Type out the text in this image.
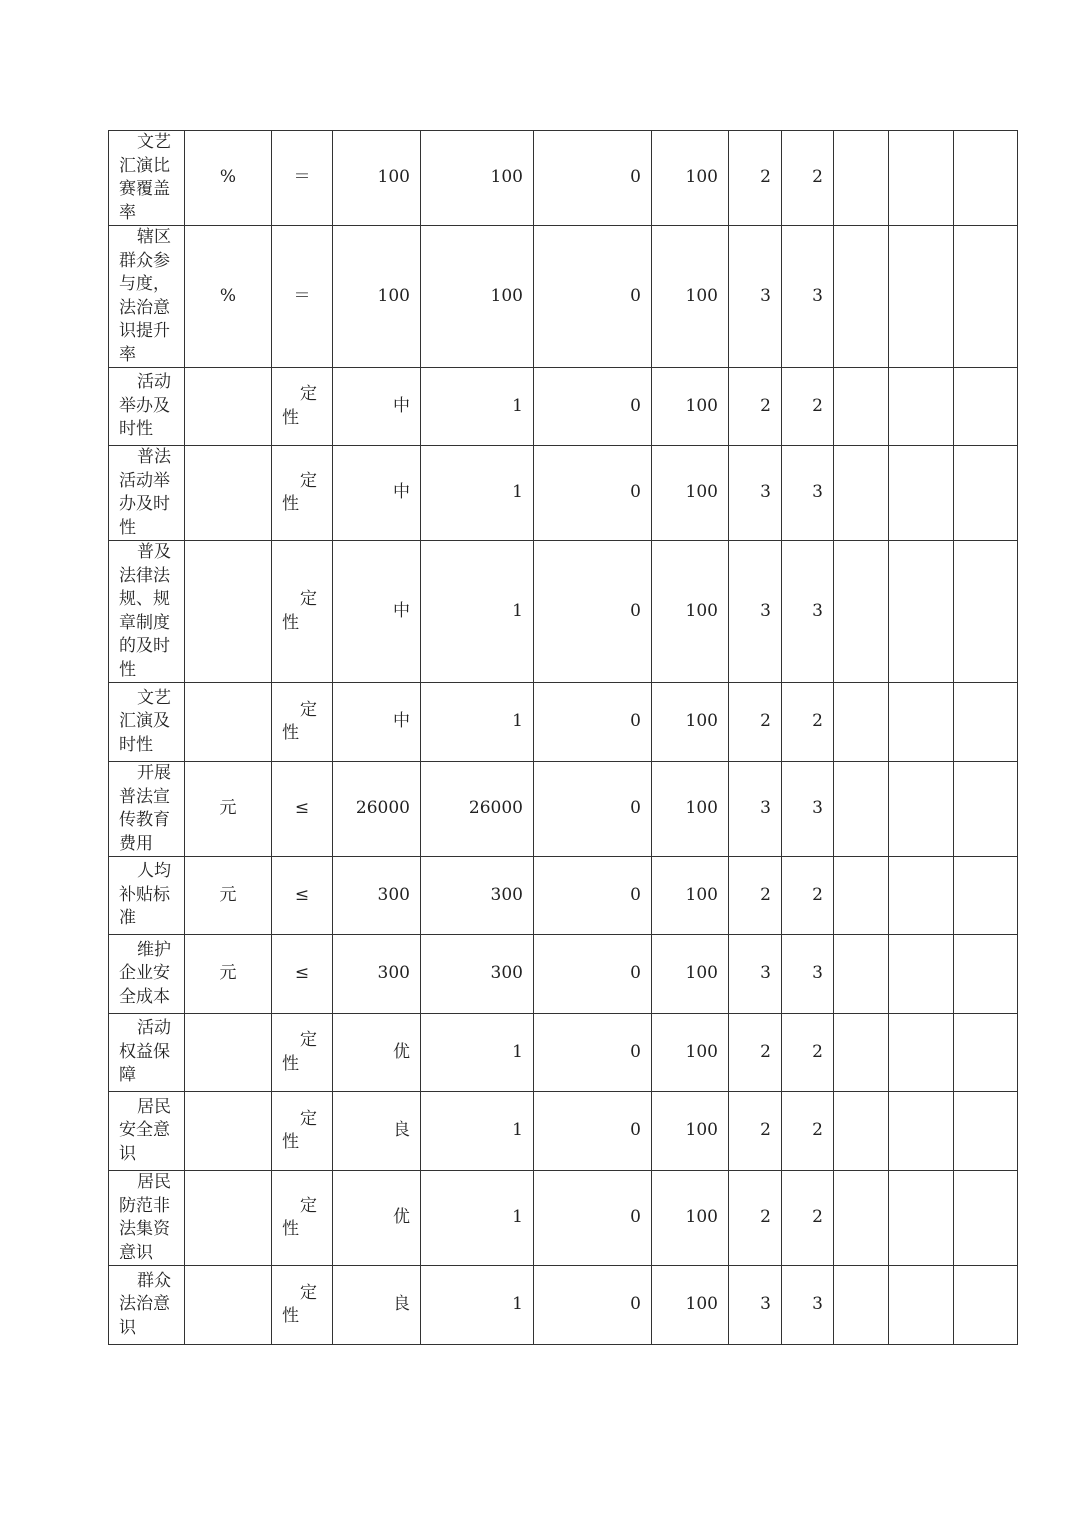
文艺汇演比赛覆盖率	%	＝	100	100	0	100	2	2			
辖区群众参与度，法治意识提升率	%	＝	100	100	0	100	3	3			
活动举办及时性		定性	中	1	0	100	2	2			
普法活动举办及时性		定性	中	1	0	100	3	3			
普及法律法规、规章制度的及时性		定性	中	1	0	100	3	3			
文艺汇演及时性		定性	中	1	0	100	2	2			
开展普法宣传教育费用	元	≤	26000	26000	0	100	3	3			
人均补贴标准	元	≤	300	300	0	100	2	2			
维护企业安全成本	元	≤	300	300	0	100	3	3			
活动权益保障		定性	优	1	0	100	2	2			
居民安全意识		定性	良	1	0	100	2	2			
居民防范非法集资意识		定性	优	1	0	100	2	2			
群众法治意识		定性	良	1	0	100	3	3			
